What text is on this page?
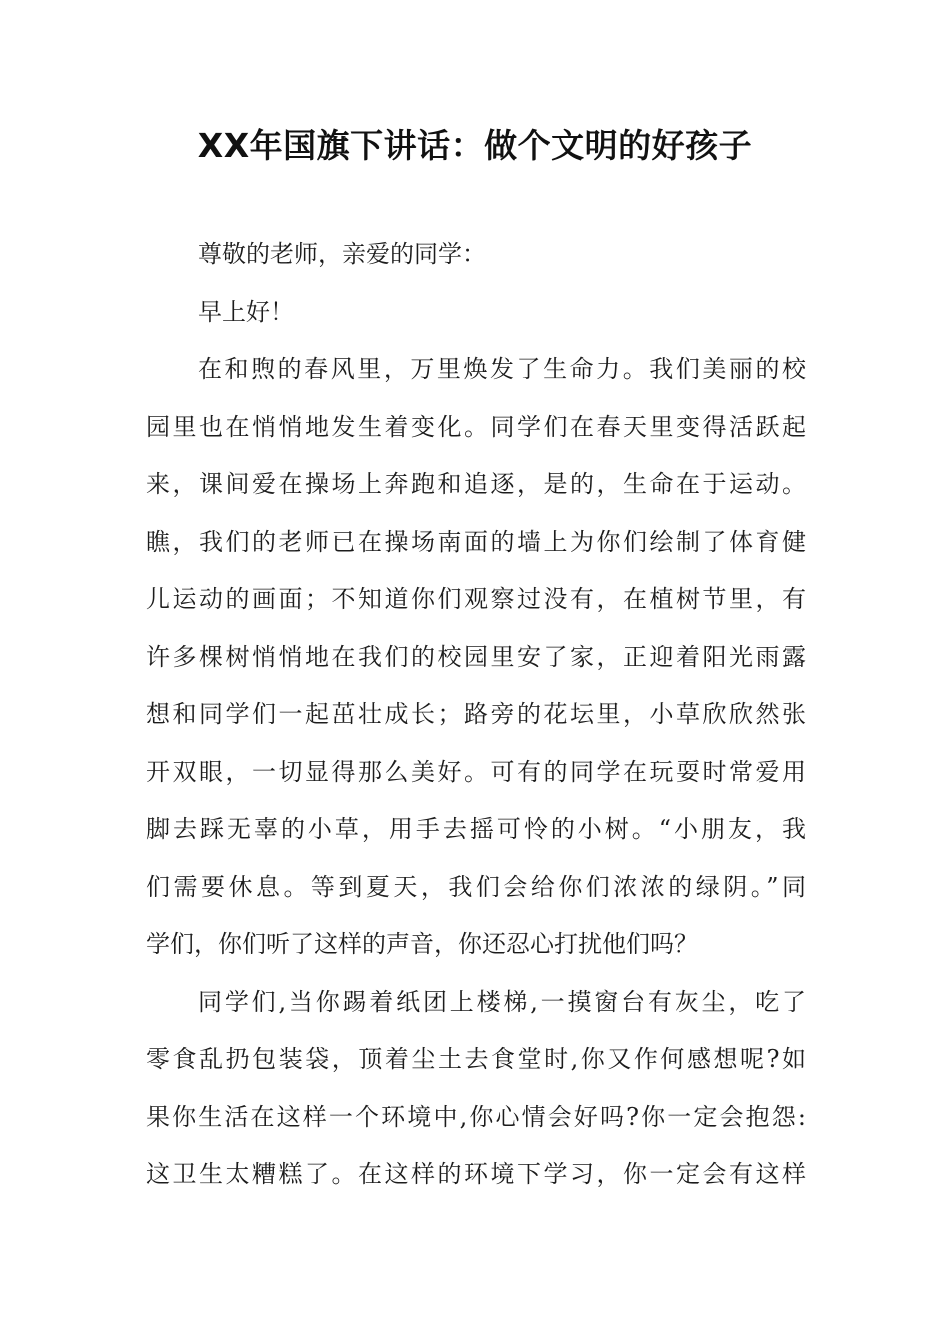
XX年国旗下讲话：做个文明的好孩子
尊敬的老师，亲爱的同学：
早上好！
在和煦的春风里，万里焕发了生命力。我们美丽的校
园里也在悄悄地发生着变化。同学们在春天里变得活跃起
来，课间爱在操场上奔跑和追逐，是的，生命在于运动。
瞧，我们的老师已在操场南面的墙上为你们绘制了体育健
儿运动的画面；不知道你们观察过没有，在植树节里，有
许多棵树悄悄地在我们的校园里安了家，正迎着阳光雨露
想和同学们一起茁壮成长；路旁的花坛里，小草欣欣然张
开双眼，一切显得那么美好。可有的同学在玩耍时常爱用
脚去踩无辜的小草，用手去摇可怜的小树。“小朋友，我
们需要休息。等到夏天，我们会给你们浓浓的绿阴。”同
学们，你们听了这样的声音，你还忍心打扰他们吗？
同学们,当你踢着纸团上楼梯,一摸窗台有灰尘，吃了
零食乱扔包装袋，顶着尘土去食堂时,你又作何感想呢?如
果你生活在这样一个环境中,你心情会好吗?你一定会抱怨:
这卫生太糟糕了。在这样的环境下学习，你一定会有这样
